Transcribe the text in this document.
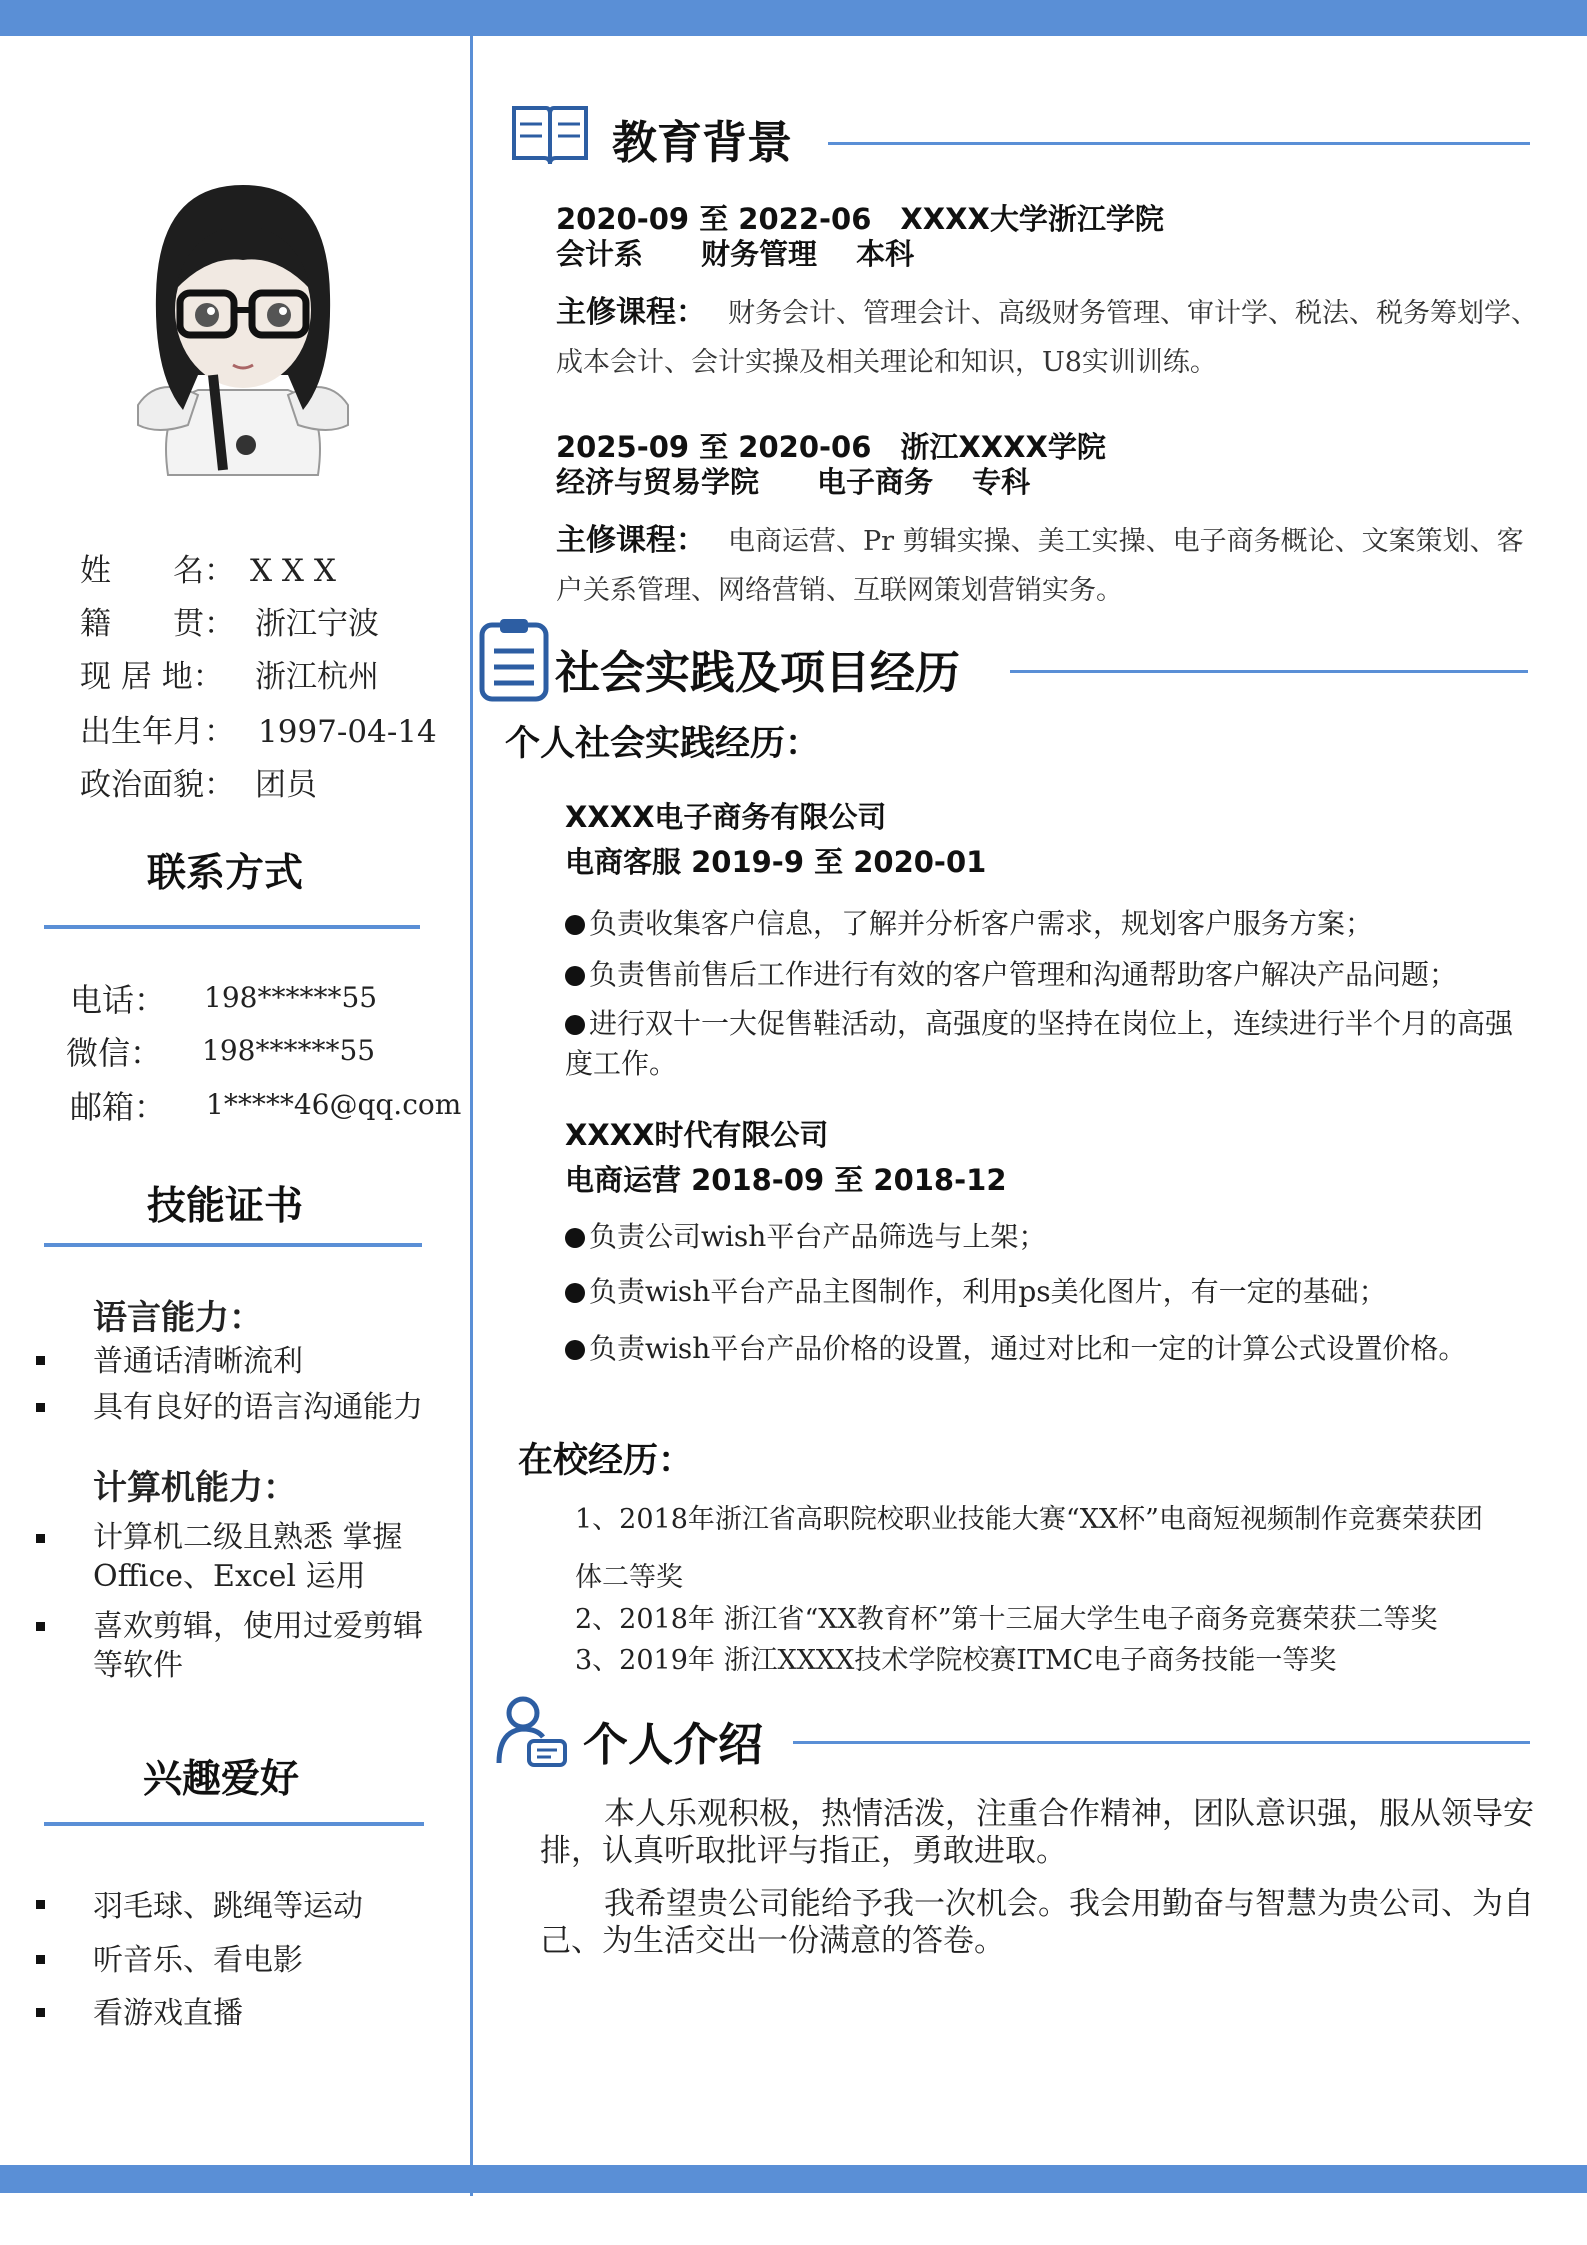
姓　　名： X X X
籍　　贯： 浙江宁波
现 居 地： 浙江杭州
出生年月： 1997-04-14
政治面貌： 团员
联系方式
电话： 198******55
微信： 198******55
邮箱： 1*****46@qq.com
技能证书
语言能力：
普通话清晰流利
具有良好的语言沟通能力
计算机能力：
计算机二级且熟悉 掌握Office、Excel 运用
喜欢剪辑，使用过爱剪辑等软件
兴趣爱好
羽毛球、跳绳等运动
听音乐、看电影
看游戏直播
教育背景
2020-09 至 2022-06　XXXX大学浙江学院
会计系　　财务管理　 本科
主修课程： 财务会计、管理会计、高级财务管理、审计学、税法、税务筹划学、成本会计、会计实操及相关理论和知识，U8实训训练。
2025-09 至 2020-06　浙江XXXX学院
经济与贸易学院　　电子商务　 专科
主修课程： 电商运营、Pr 剪辑实操、美工实操、电子商务概论、文案策划、客户关系管理、网络营销、互联网策划营销实务。
社会实践及项目经历
个人社会实践经历：
XXXX电子商务有限公司
电商客服 2019-9 至 2020-01
负责收集客户信息，了解并分析客户需求，规划客户服务方案；
负责售前售后工作进行有效的客户管理和沟通帮助客户解决产品问题；
进行双十一大促售鞋活动，高强度的坚持在岗位上，连续进行半个月的高强度工作。
XXXX时代有限公司
电商运营 2018-09 至 2018-12
负责公司wish平台产品筛选与上架；
负责wish平台产品主图制作，利用ps美化图片，有一定的基础；
负责wish平台产品价格的设置，通过对比和一定的计算公式设置价格。
在校经历：
1、2018年浙江省高职院校职业技能大赛“XX杯”电商短视频制作竞赛荣获团
体二等奖
2、2018年 浙江省“XX教育杯”第十三届大学生电子商务竞赛荣获二等奖
3、2019年 浙江XXXX技术学院校赛ITMC电子商务技能一等奖
个人介绍
本人乐观积极，热情活泼，注重合作精神，团队意识强，服从领导安排，认真听取批评与指正，勇敢进取。
我希望贵公司能给予我一次机会。我会用勤奋与智慧为贵公司、为自己、为生活交出一份满意的答卷。
